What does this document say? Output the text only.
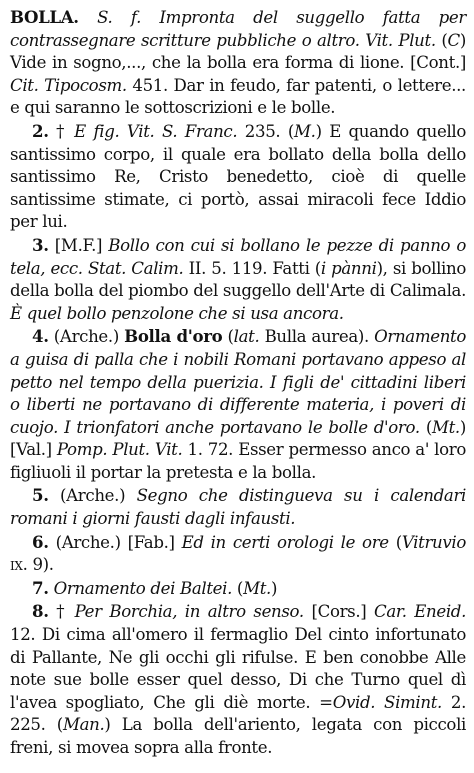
BOLLA. S. f. Impronta del suggello fatta per contrassegnare scritture pubbliche o altro. Vit. Plut. (C) Vide in sogno,..., che la bolla era forma di lione. [Cont.] Cit. Tipocosm. 451. Dar in feudo, far patenti, o lettere... e qui saranno le sottoscrizioni e le bolle.

2. † E fig. Vit. S. Franc. 235. (M.) E quando quello santissimo corpo, il quale era bollato della bolla dello santissimo Re, Cristo benedetto, cioè di quelle santissime stimate, ci portò, assai miracoli fece Iddio per lui.

3. [M.F.] Bollo con cui si bollano le pezze di panno o tela, ecc. Stat. Calim. II. 5. 119. Fatti (i pànni), si bollino della bolla del piombo del suggello dell'Arte di Calimala. È quel bollo penzolone che si usa ancora.

4. (Arche.) Bolla d'oro (lat. Bulla aurea). Ornamento a guisa di palla che i nobili Romani portavano appeso al petto nel tempo della puerizia. I figli de' cittadini liberi o liberti ne portavano di differente materia, i poveri di cuojo. I trionfatori anche portavano le bolle d'oro. (Mt.) [Val.] Pomp. Plut. Vit. 1. 72. Esser permesso anco a' loro figliuoli il portar la pretesta e la bolla.

5. (Arche.) Segno che distingueva su i calendari romani i giorni fausti dagli infausti.

6. (Arche.) [Fab.] Ed in certi orologi le ore (Vitruvio ix. 9).

7. Ornamento dei Baltei. (Mt.)

8. † Per Borchia, in altro senso. [Cors.] Car. Eneid. 12. Di cima all'omero il fermaglio Del cinto infortunato di Pallante, Ne gli occhi gli rifulse. E ben conobbe Alle note sue bolle esser quel desso, Di che Turno quel dì l'avea spogliato, Che gli diè morte. =Ovid. Simint. 2. 225. (Man.) La bolla dell'ariento, legata con piccoli freni, si movea sopra alla fronte.
